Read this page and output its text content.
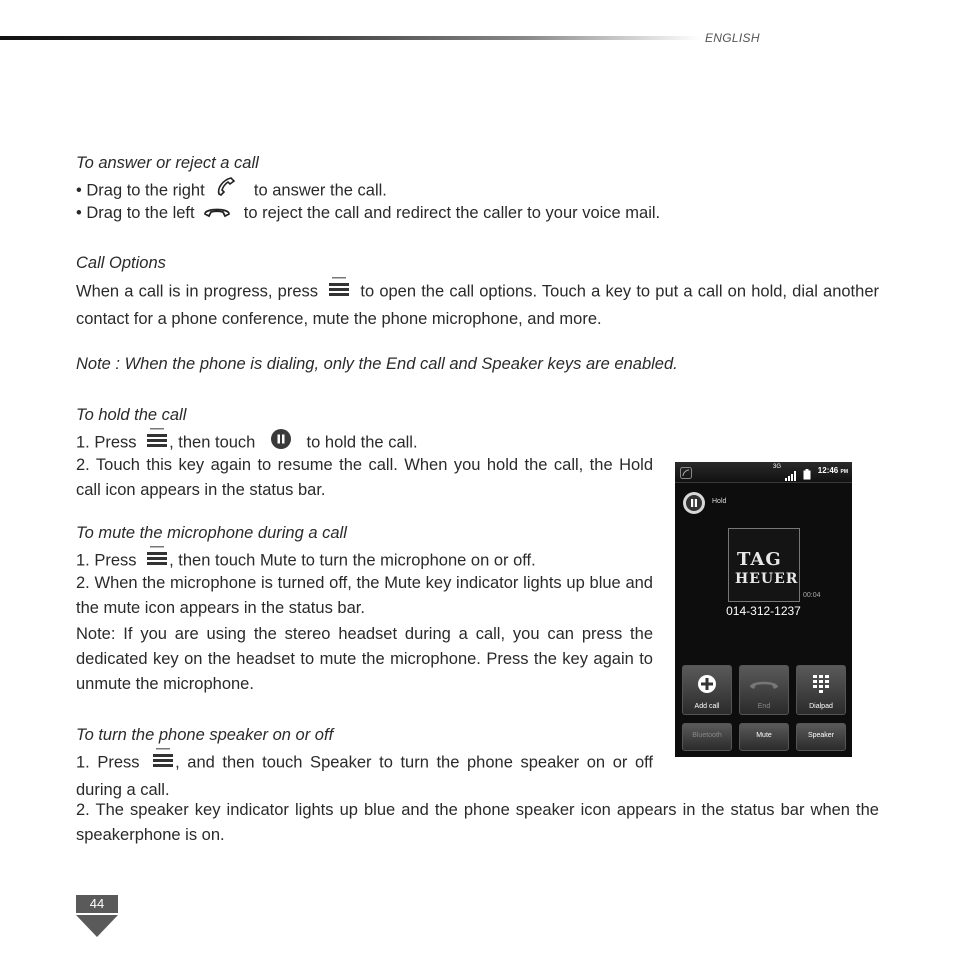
ENGLISH
To answer or reject a call
• Drag to the right	to answer the call.
• Drag to the left	to reject the call and redirect the caller to your voice mail.
Call Options
When a call is in progress, press	to open the call options. Touch a key to put a call on hold, dial another contact for a phone conference, mute the phone microphone, and more.
Note : When the phone is dialing, only the End call and Speaker keys are enabled.
To hold the call
1. Press , then touch	to hold the call.
2. Touch this key again to resume the call. When you hold the call, the Hold call icon appears in the status bar.
To mute the microphone during a call
1. Press , then touch Mute to turn the microphone on or off.
2. When the microphone is turned off, the Mute key indicator lights up blue and the mute icon appears in the status bar.
Note: If you are using the stereo headset during a call, you can press the dedicated key on the headset to mute the microphone. Press the key again to unmute the microphone.
To turn the phone speaker on or off
1. Press , and then touch Speaker to turn the phone speaker on or off during a call.
2. The speaker key indicator lights up blue and the phone speaker icon appears in the status bar when the speakerphone is on.
3G	12:46 PM
Hold
TAG
HEUER
00:04
014-312-1237
Add call	End	Dialpad
Bluetooth	Mute	Speaker
44
